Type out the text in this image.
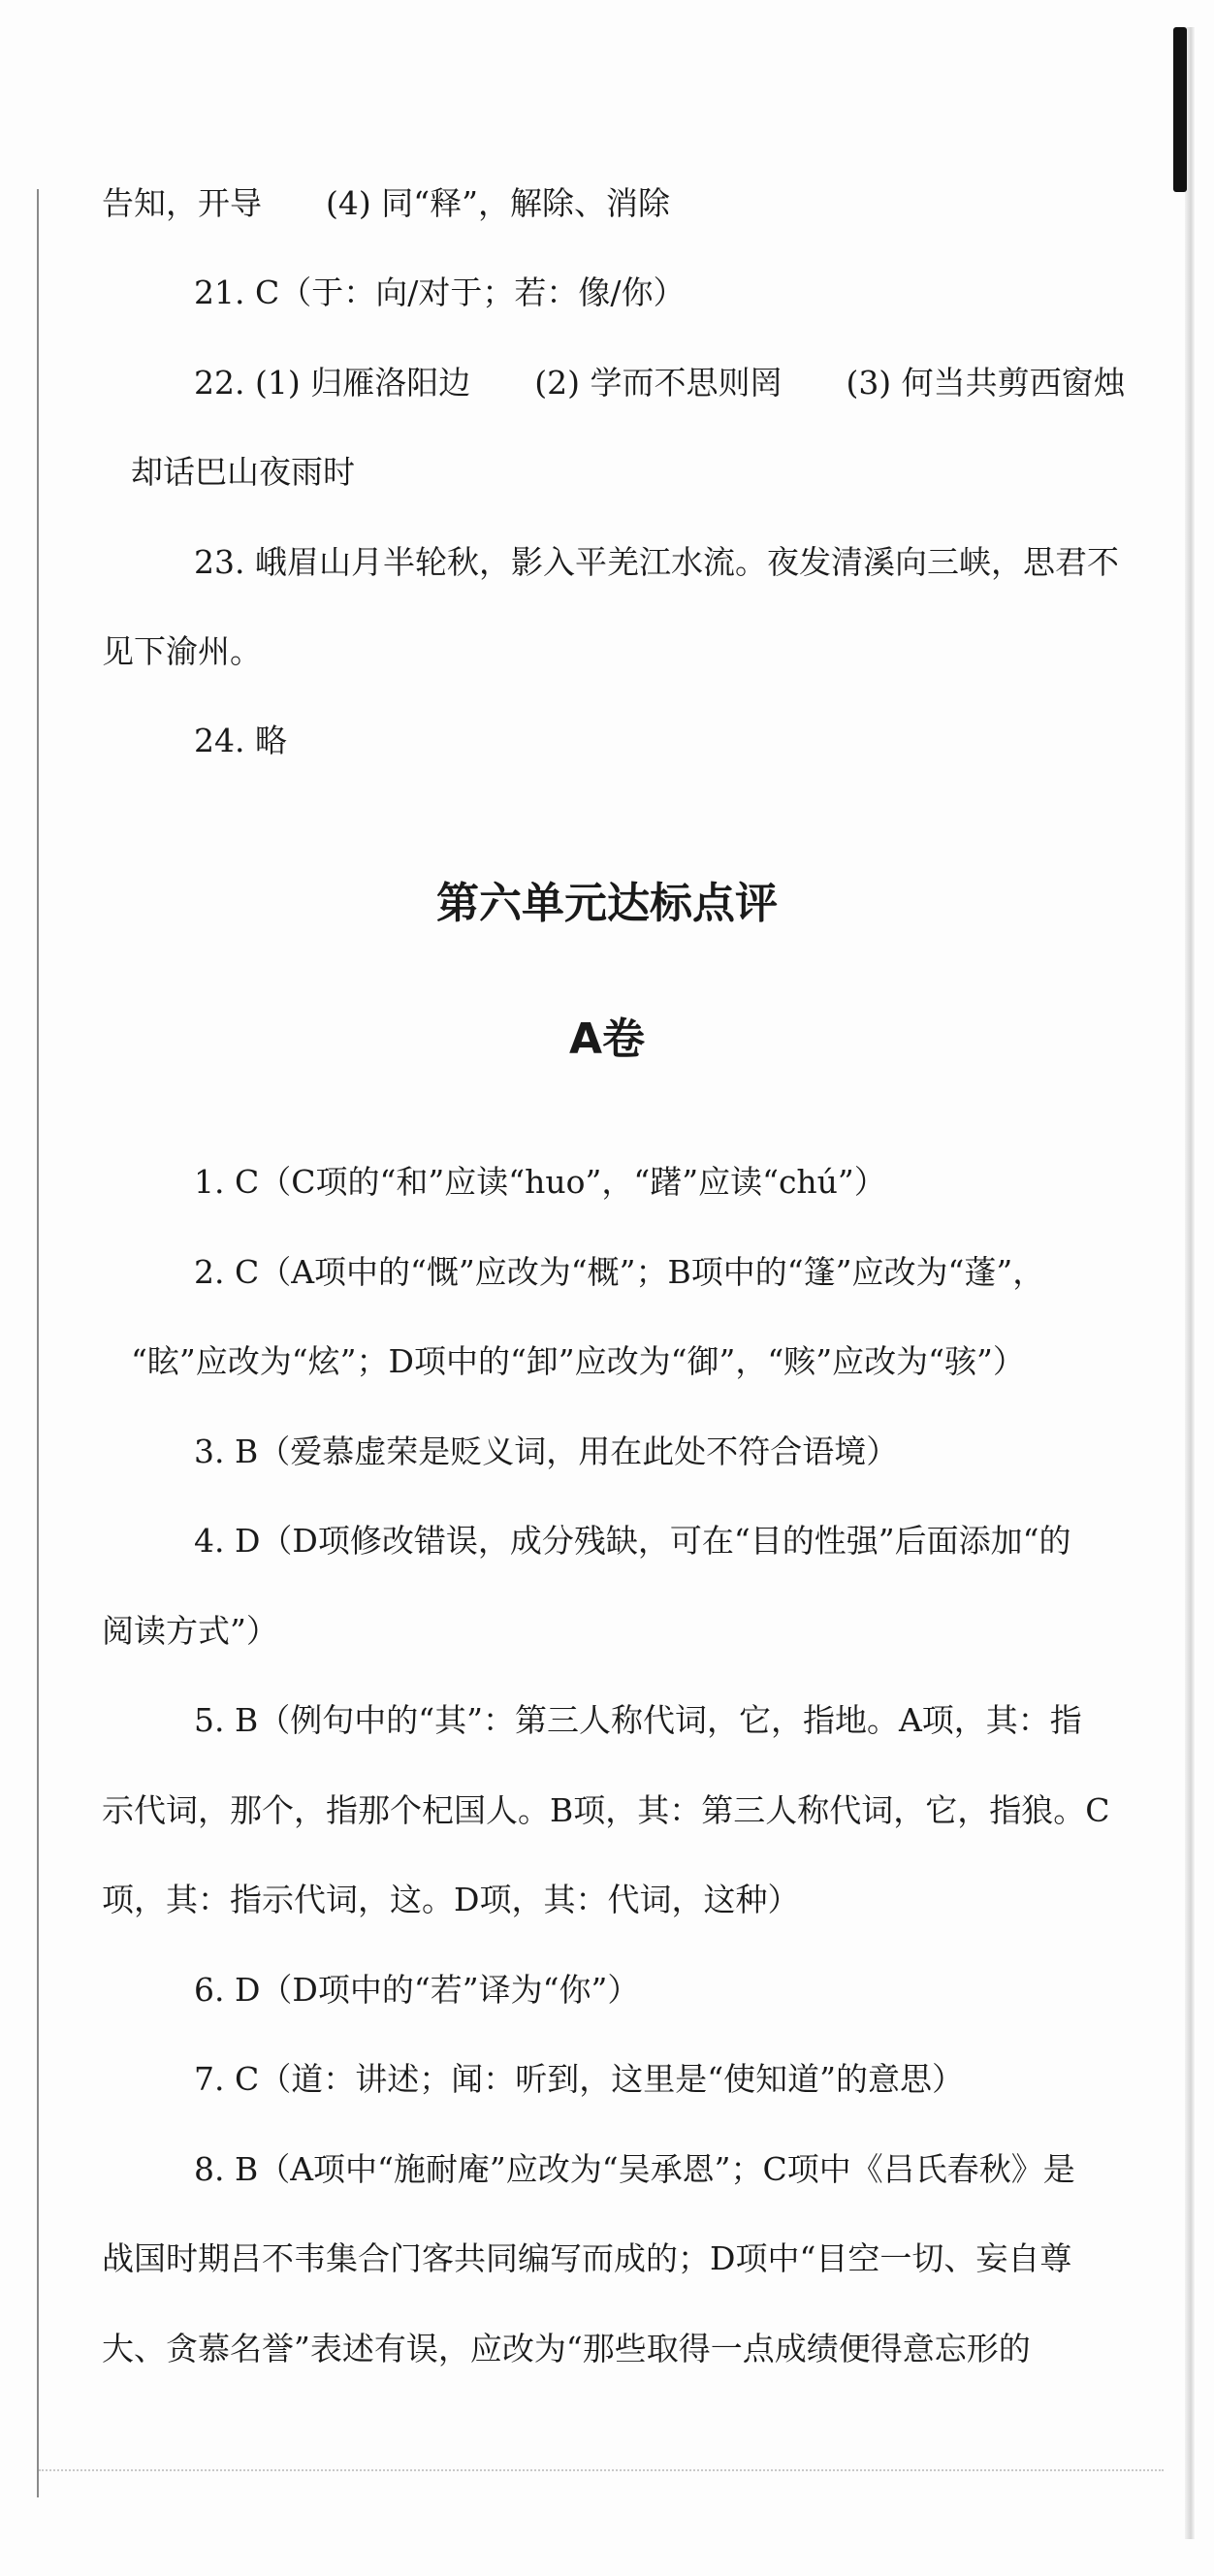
告知，开导　　(4) 同“释”，解除、消除
21. C（于：向/对于；若：像/你）
22. (1) 归雁洛阳边　　(2) 学而不思则罔　　(3) 何当共剪西窗烛
却话巴山夜雨时
23. 峨眉山月半轮秋，影入平羌江水流。夜发清溪向三峡，思君不
见下渝州。
24. 略
第六单元达标点评
A卷
1. C（C项的“和”应读“huo”，“躇”应读“chú”）
2. C（A项中的“慨”应改为“概”；B项中的“篷”应改为“蓬”，
“眩”应改为“炫”；D项中的“卸”应改为“御”，“赅”应改为“骇”）
3. B（爱慕虚荣是贬义词，用在此处不符合语境）
4. D（D项修改错误，成分残缺，可在“目的性强”后面添加“的
阅读方式”）
5. B（例句中的“其”：第三人称代词，它，指地。A项，其：指
示代词，那个，指那个杞国人。B项，其：第三人称代词，它，指狼。C
项，其：指示代词，这。D项，其：代词，这种）
6. D（D项中的“若”译为“你”）
7. C（道：讲述；闻：听到，这里是“使知道”的意思）
8. B（A项中“施耐庵”应改为“吴承恩”；C项中《吕氏春秋》是
战国时期吕不韦集合门客共同编写而成的；D项中“目空一切、妄自尊
大、贪慕名誉”表述有误，应改为“那些取得一点成绩便得意忘形的
